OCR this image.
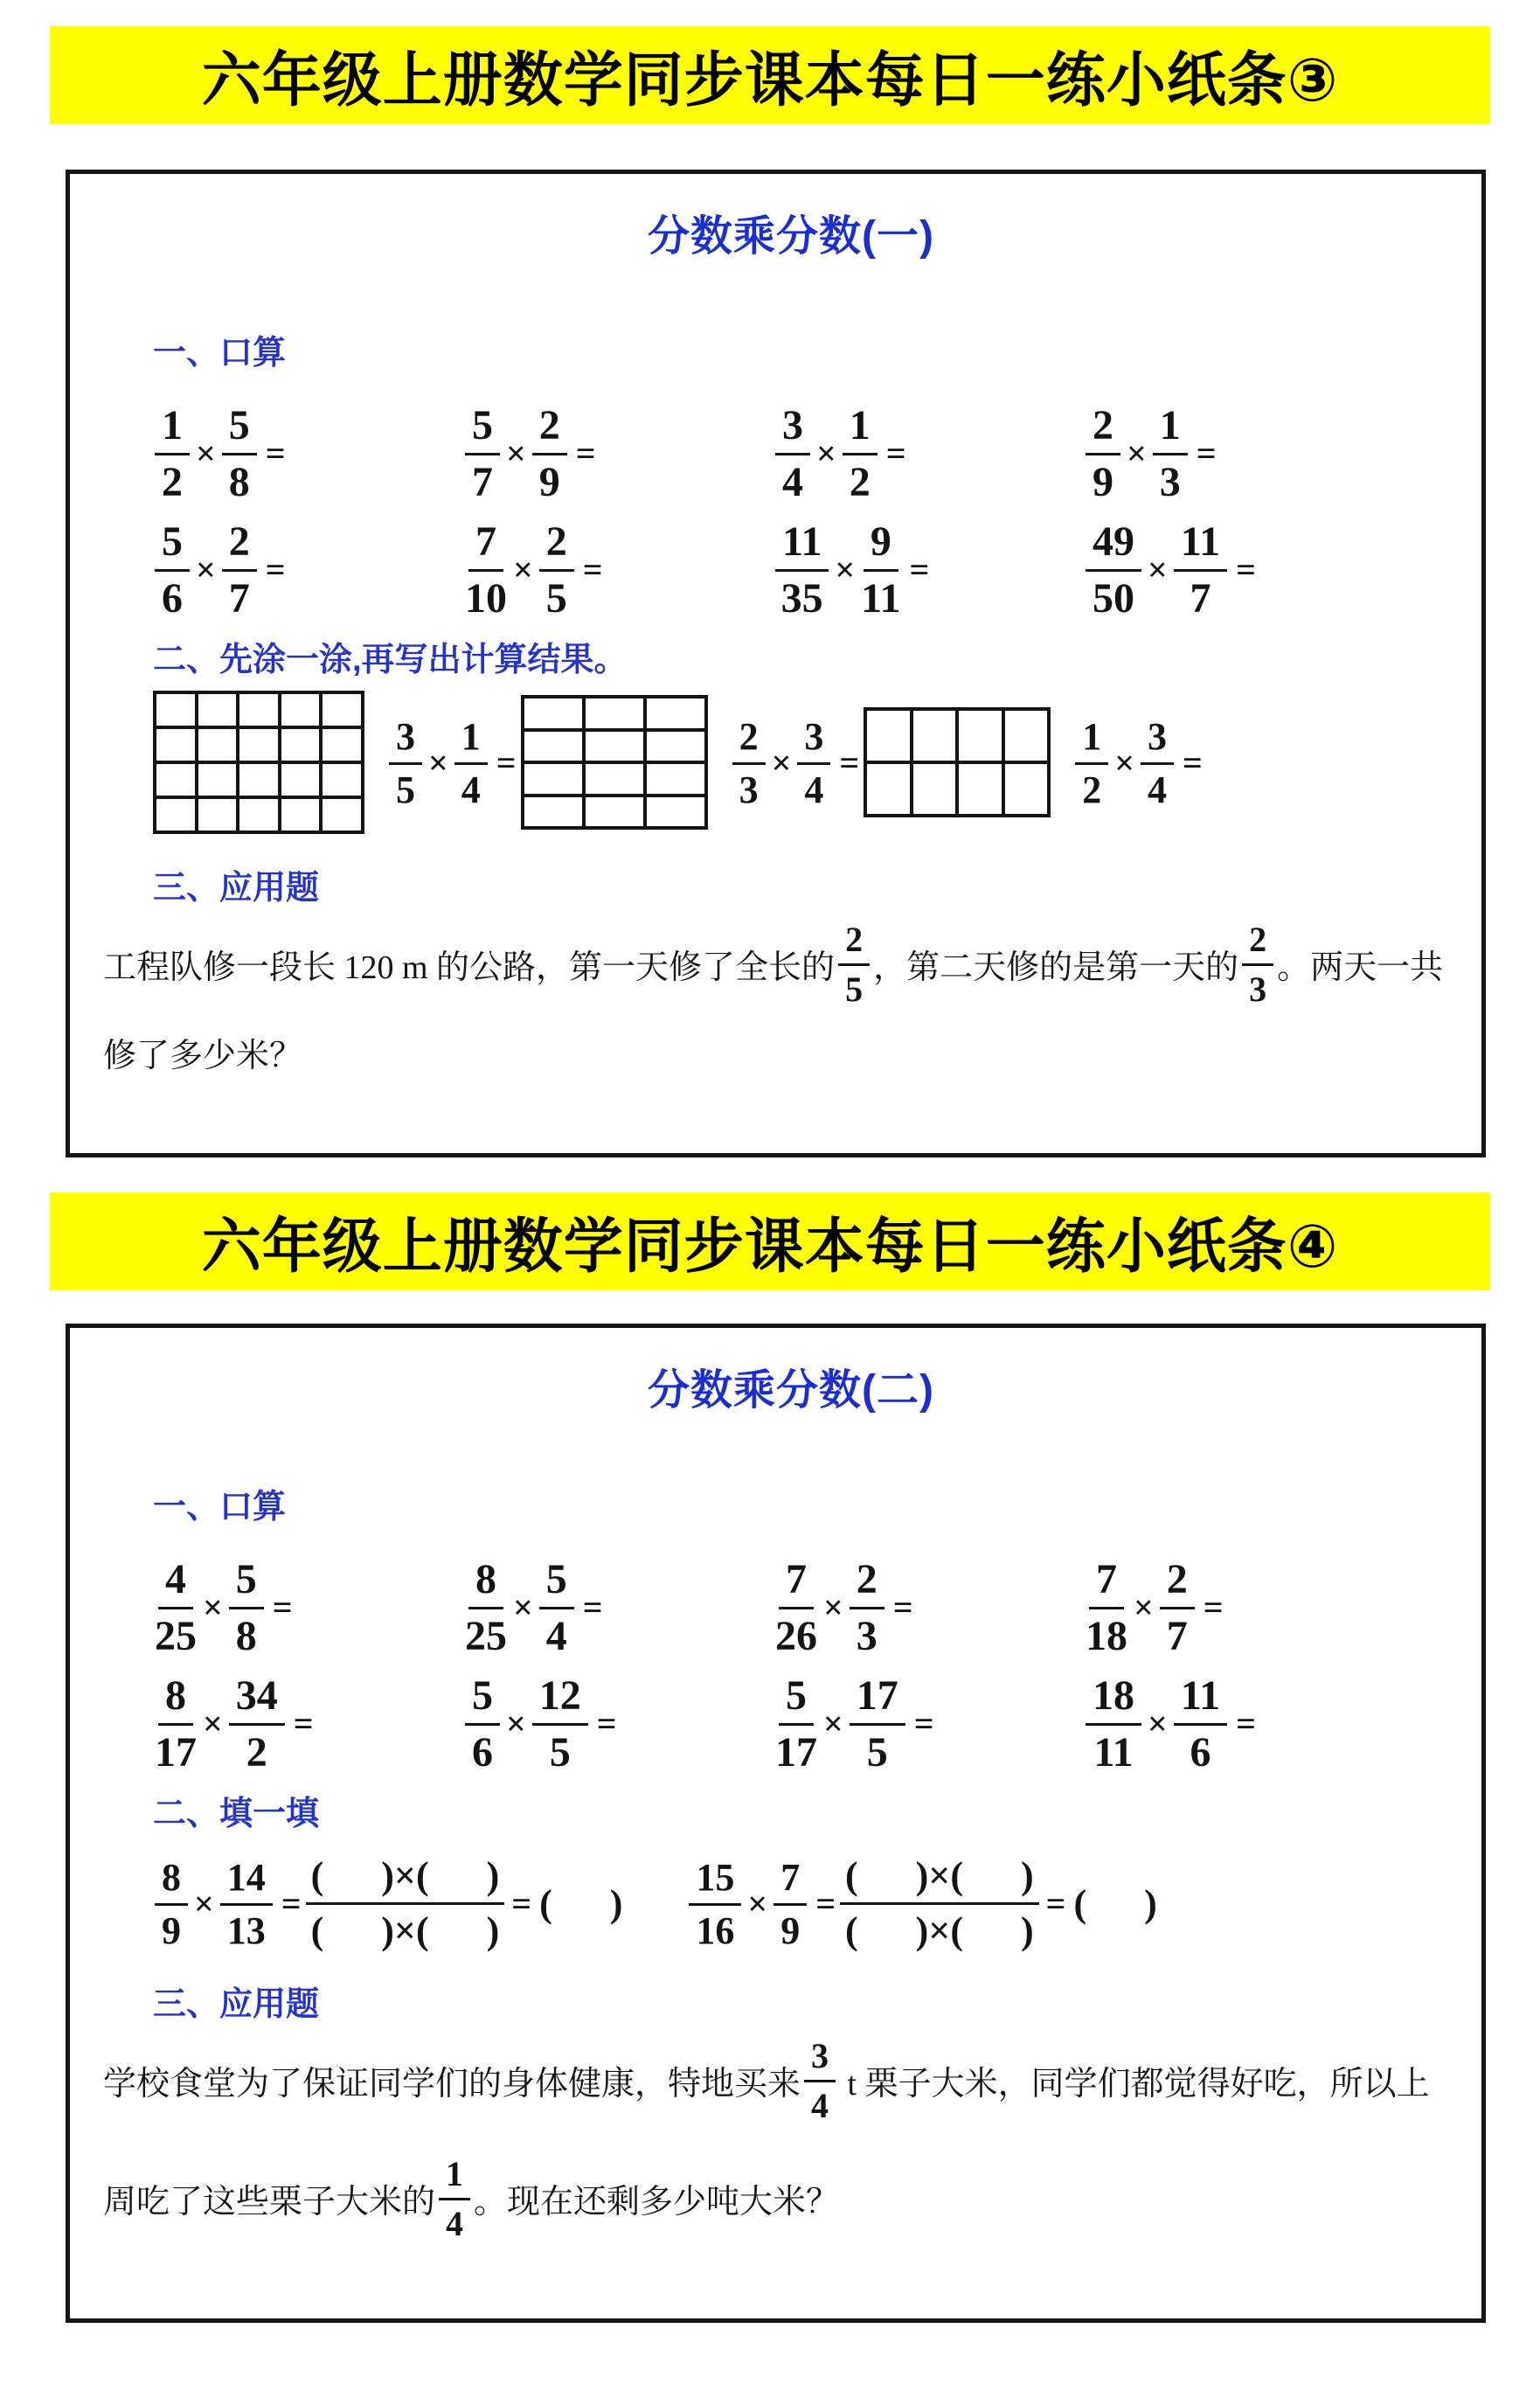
六年级上册数学同步课本每日一练小纸条③
分数乘分数(一)
一、口算
$\frac{1}{2} \times \frac{5}{8}$ =	$\frac{5}{7} \times \frac{2}{9}$ =	$\frac{3}{4} \times \frac{1}{2}$ =	$\frac{2}{9} \times \frac{1}{3}$ =
$\frac{5}{6} \times \frac{2}{7}$ =	$\frac{7}{10} \times \frac{2}{5}$ =	$\frac{11}{35} \times \frac{9}{11}$ =	$\frac{49}{50} \times \frac{11}{7}$ =
二、先涂一涂,再写出计算结果。
$\frac{3}{5} \times \frac{1}{4}$ =	$\frac{2}{3} \times \frac{3}{4}$ =	$\frac{1}{2} \times \frac{3}{4}$ =
三、应用题
工程队修一段长 120 m 的公路，第一天修了全长的 $\frac{2}{5}$ ，第二天修的是第一天的 $\frac{2}{3}$ 。两天一共
修了多少米？
六年级上册数学同步课本每日一练小纸条④
分数乘分数(二)
一、口算
$\frac{4}{25} \times \frac{5}{8}$ =	$\frac{8}{25} \times \frac{5}{4}$ =	$\frac{7}{26} \times \frac{2}{3}$ =	$\frac{7}{18} \times \frac{2}{7}$ =
$\frac{8}{17} \times \frac{34}{2}$ =	$\frac{5}{6} \times \frac{12}{5}$ =	$\frac{5}{17} \times \frac{17}{5}$ =	$\frac{18}{11} \times \frac{11}{6}$ =
二、填一填
$\frac{8}{9} \times \frac{14}{13}$ =
(      )×(      )
(      )×(      )
= (      ) $\frac{15}{16} \times \frac{7}{9}$ =
(      )×(      )
(      )×(      )
= (      )
三、应用题
学校食堂为了保证同学们的身体健康，特地买来 $\frac{3}{4}$ t 栗子大米，同学们都觉得好吃，所以上
周吃了这些栗子大米的 $\frac{1}{4}$ 。现在还剩多少吨大米？
